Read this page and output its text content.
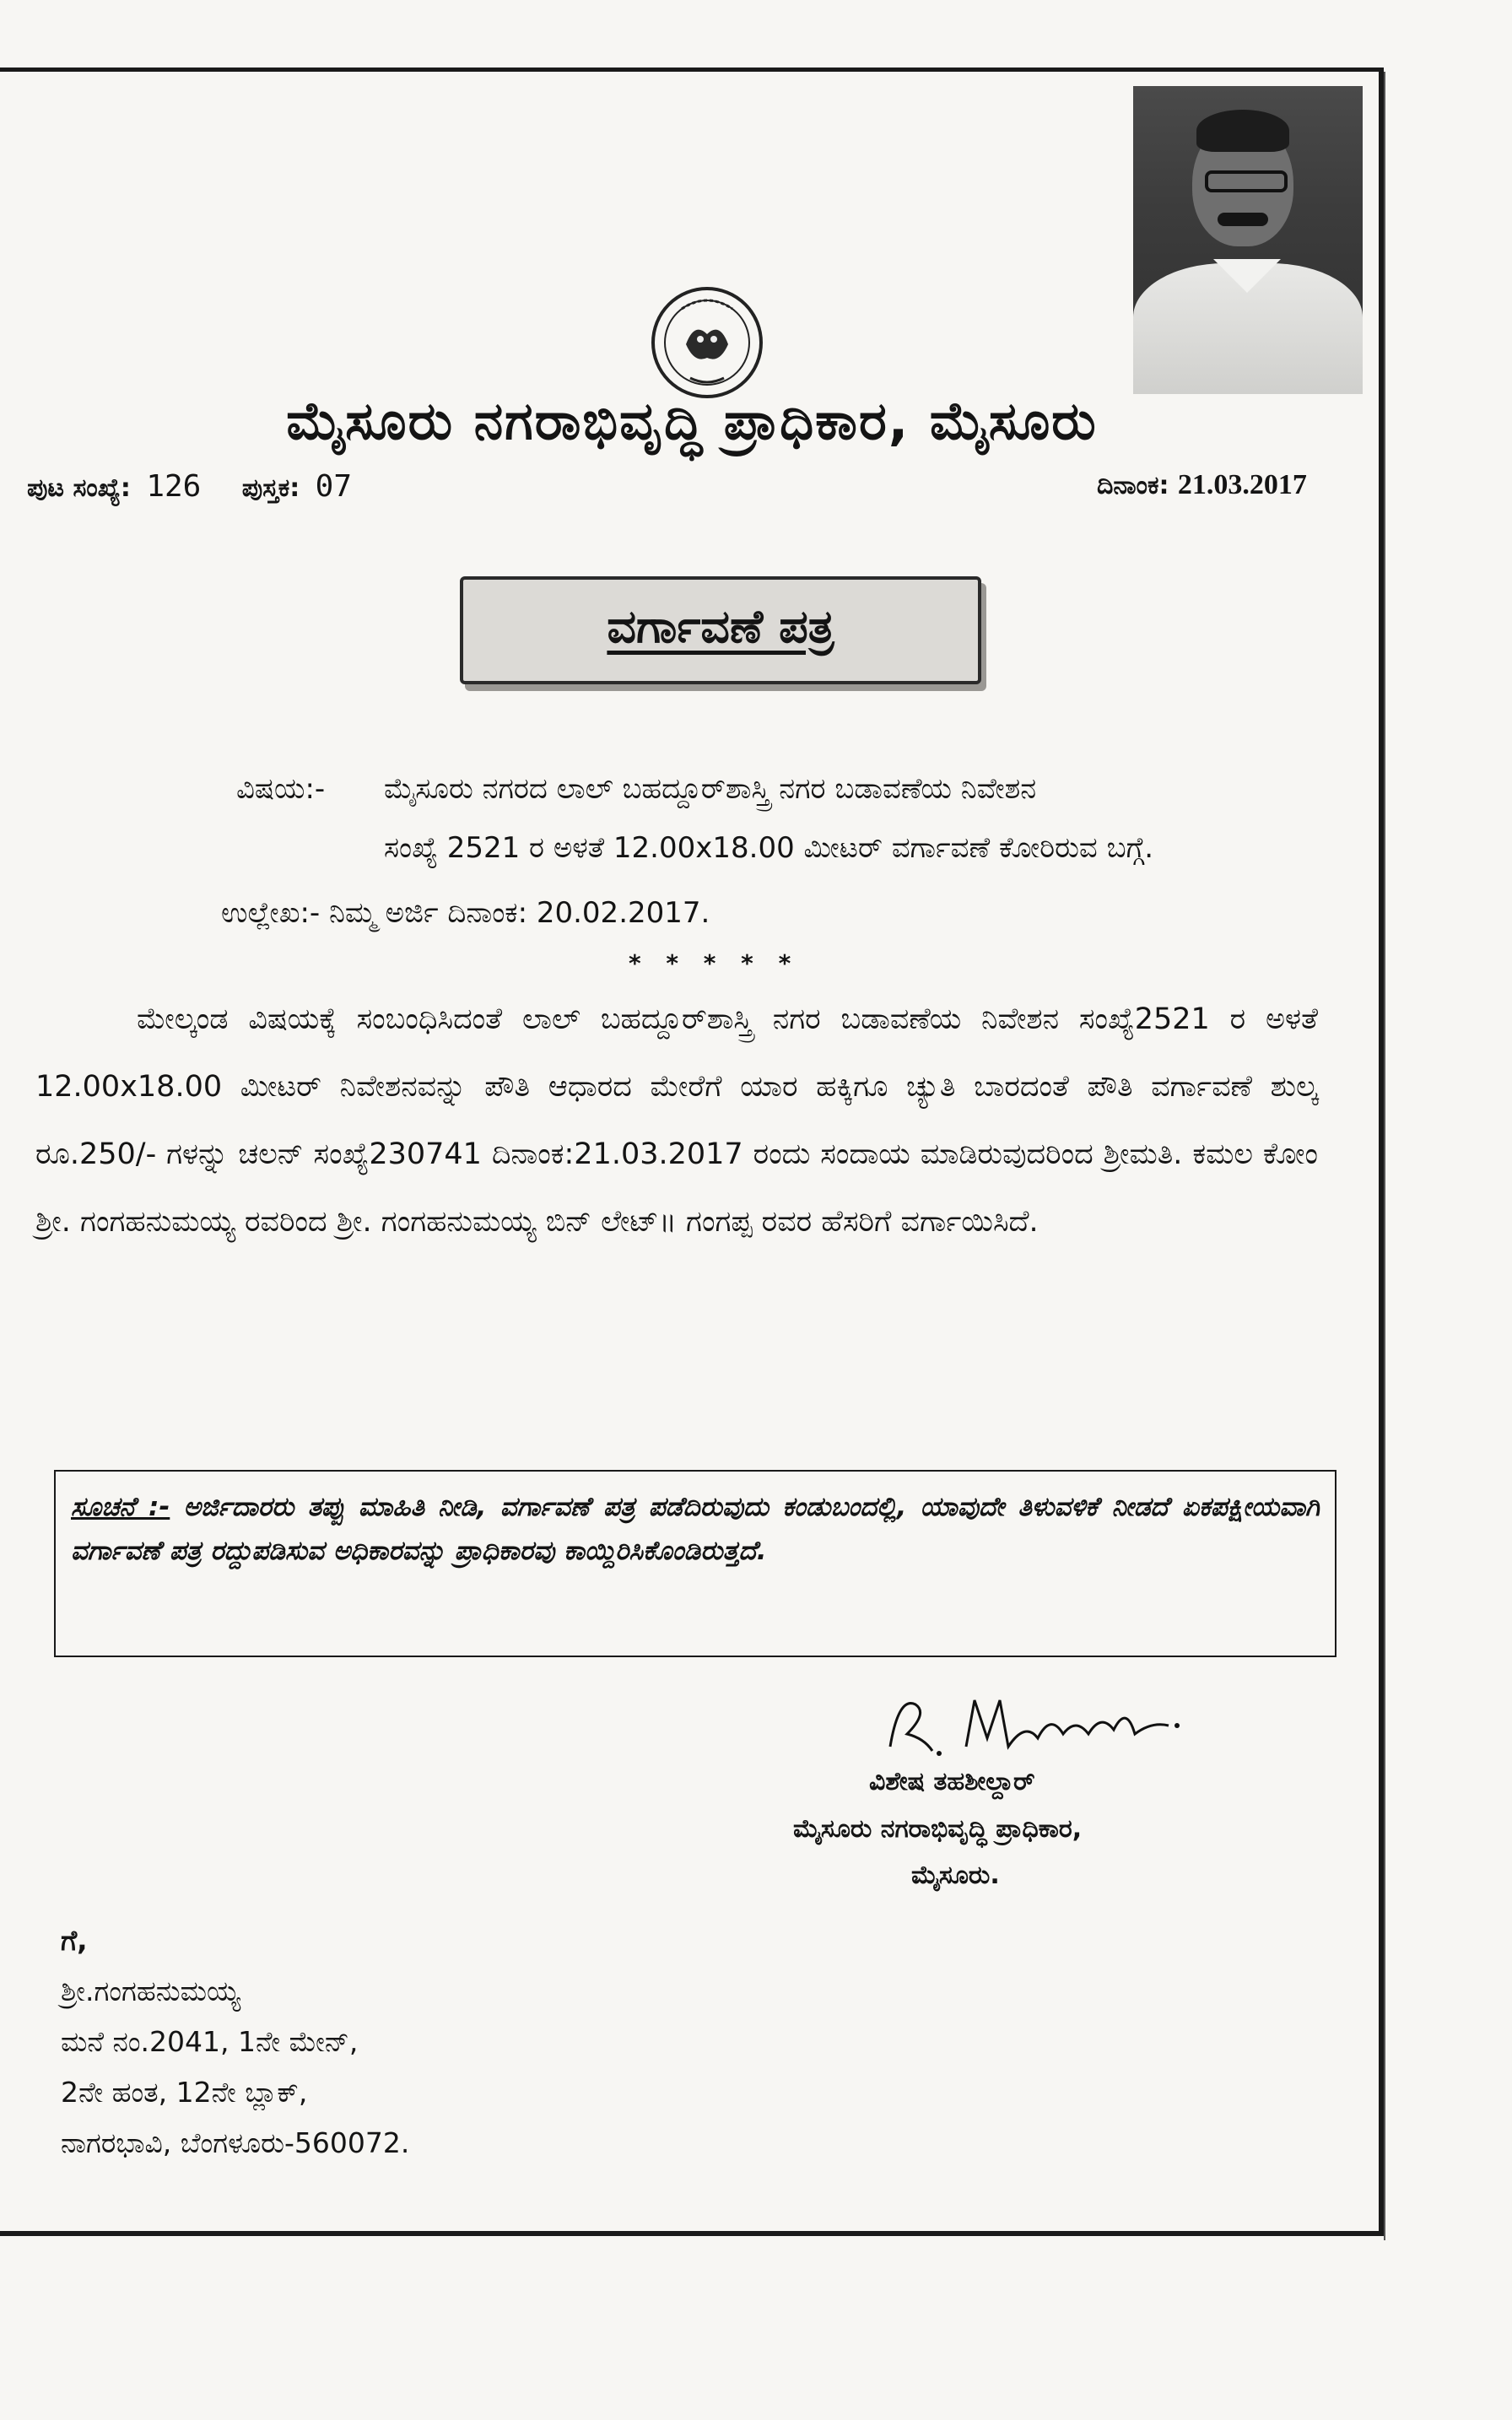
ಮೈಸೂರು ನಗರಾಭಿವೃದ್ಧಿ ಪ್ರಾಧಿಕಾರ, ಮೈಸೂರು
ಪುಟ ಸಂಖ್ಯೆ: 126 ಪುಸ್ತಕ: 07	ದಿನಾಂಕ: 21.03.2017
ವರ್ಗಾವಣೆ ಪತ್ರ
ವಿಷಯ:- ಮೈಸೂರು ನಗರದ ಲಾಲ್ ಬಹದ್ದೂರ್‌ಶಾಸ್ತ್ರಿ ನಗರ ಬಡಾವಣೆಯ ನಿವೇಶನ
ಸಂಖ್ಯೆ 2521 ರ ಅಳತೆ 12.00x18.00 ಮೀಟರ್ ವರ್ಗಾವಣೆ ಕೋರಿರುವ ಬಗ್ಗೆ.
ಉಲ್ಲೇಖ:- ನಿಮ್ಮ ಅರ್ಜಿ ದಿನಾಂಕ: 20.02.2017.
* * * * *
ಮೇಲ್ಕಂಡ ವಿಷಯಕ್ಕೆ ಸಂಬಂಧಿಸಿದಂತೆ ಲಾಲ್ ಬಹದ್ದೂರ್‌ಶಾಸ್ತ್ರಿ ನಗರ ಬಡಾವಣೆಯ ನಿವೇಶನ ಸಂಖ್ಯೆ2521 ರ ಅಳತೆ 12.00x18.00 ಮೀಟರ್ ನಿವೇಶನವನ್ನು ಪೌತಿ ಆಧಾರದ ಮೇರೆಗೆ ಯಾರ ಹಕ್ಕಿಗೂ ಚ್ಯುತಿ ಬಾರದಂತೆ ಪೌತಿ ವರ್ಗಾವಣೆ ಶುಲ್ಕ ರೂ.250/- ಗಳನ್ನು ಚಲನ್ ಸಂಖ್ಯೆ230741 ದಿನಾಂಕ:21.03.2017 ರಂದು ಸಂದಾಯ ಮಾಡಿರುವುದರಿಂದ ಶ್ರೀಮತಿ. ಕಮಲ ಕೋಂ ಶ್ರೀ. ಗಂಗಹನುಮಯ್ಯ ರವರಿಂದ ಶ್ರೀ. ಗಂಗಹನುಮಯ್ಯ ಬಿನ್ ಲೇಟ್॥ ಗಂಗಪ್ಪ ರವರ ಹೆಸರಿಗೆ ವರ್ಗಾಯಿಸಿದೆ.
ಸೂಚನೆ :- ಅರ್ಜಿದಾರರು ತಪ್ಪು ಮಾಹಿತಿ ನೀಡಿ, ವರ್ಗಾವಣೆ ಪತ್ರ ಪಡೆದಿರುವುದು ಕಂಡುಬಂದಲ್ಲಿ, ಯಾವುದೇ ತಿಳುವಳಿಕೆ ನೀಡದೆ ಏಕಪಕ್ಷೀಯವಾಗಿ ವರ್ಗಾವಣೆ ಪತ್ರ ರದ್ದುಪಡಿಸುವ ಅಧಿಕಾರವನ್ನು ಪ್ರಾಧಿಕಾರವು ಕಾಯ್ದಿರಿಸಿಕೊಂಡಿರುತ್ತದೆ.
ವಿಶೇಷ ತಹಶೀಲ್ದಾರ್
ಮೈಸೂರು ನಗರಾಭಿವೃದ್ಧಿ ಪ್ರಾಧಿಕಾರ,
ಮೈಸೂರು.
ಗೆ,
ಶ್ರೀ.ಗಂಗಹನುಮಯ್ಯ
ಮನೆ ನಂ.2041, 1ನೇ ಮೇನ್,
2ನೇ ಹಂತ, 12ನೇ ಬ್ಲಾಕ್,
ನಾಗರಭಾವಿ, ಬೆಂಗಳೂರು-560072.
